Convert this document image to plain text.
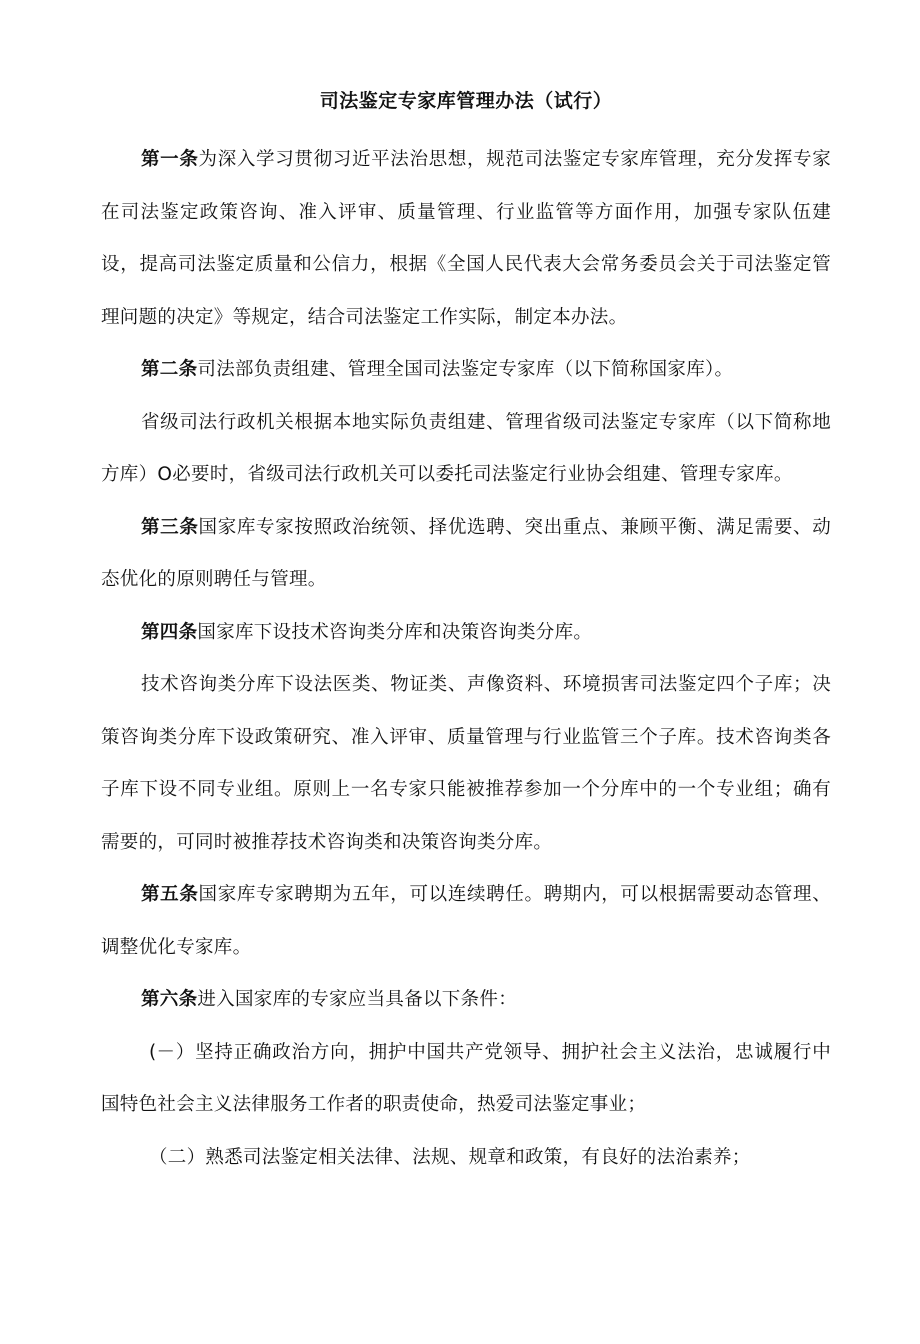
司法鉴定专家库管理办法（试行）

第一条为深入学习贯彻习近平法治思想，规范司法鉴定专家库管理，充分发挥专家在司法鉴定政策咨询、准入评审、质量管理、行业监管等方面作用，加强专家队伍建设，提高司法鉴定质量和公信力，根据《全国人民代表大会常务委员会关于司法鉴定管理问题的决定》等规定，结合司法鉴定工作实际，制定本办法。

第二条司法部负责组建、管理全国司法鉴定专家库（以下简称国家库）。

省级司法行政机关根据本地实际负责组建、管理省级司法鉴定专家库（以下简称地方库）O必要时，省级司法行政机关可以委托司法鉴定行业协会组建、管理专家库。

第三条国家库专家按照政治统领、择优选聘、突出重点、兼顾平衡、满足需要、动态优化的原则聘任与管理。

第四条国家库下设技术咨询类分库和决策咨询类分库。

技术咨询类分库下设法医类、物证类、声像资料、环境损害司法鉴定四个子库；决策咨询类分库下设政策研究、准入评审、质量管理与行业监管三个子库。技术咨询类各子库下设不同专业组。原则上一名专家只能被推荐参加一个分库中的一个专业组；确有需要的，可同时被推荐技术咨询类和决策咨询类分库。

第五条国家库专家聘期为五年，可以连续聘任。聘期内，可以根据需要动态管理、调整优化专家库。

第六条进入国家库的专家应当具备以下条件：

(－）坚持正确政治方向，拥护中国共产党领导、拥护社会主义法治，忠诚履行中国特色社会主义法律服务工作者的职责使命，热爱司法鉴定事业；

（二）熟悉司法鉴定相关法律、法规、规章和政策，有良好的法治素养；
